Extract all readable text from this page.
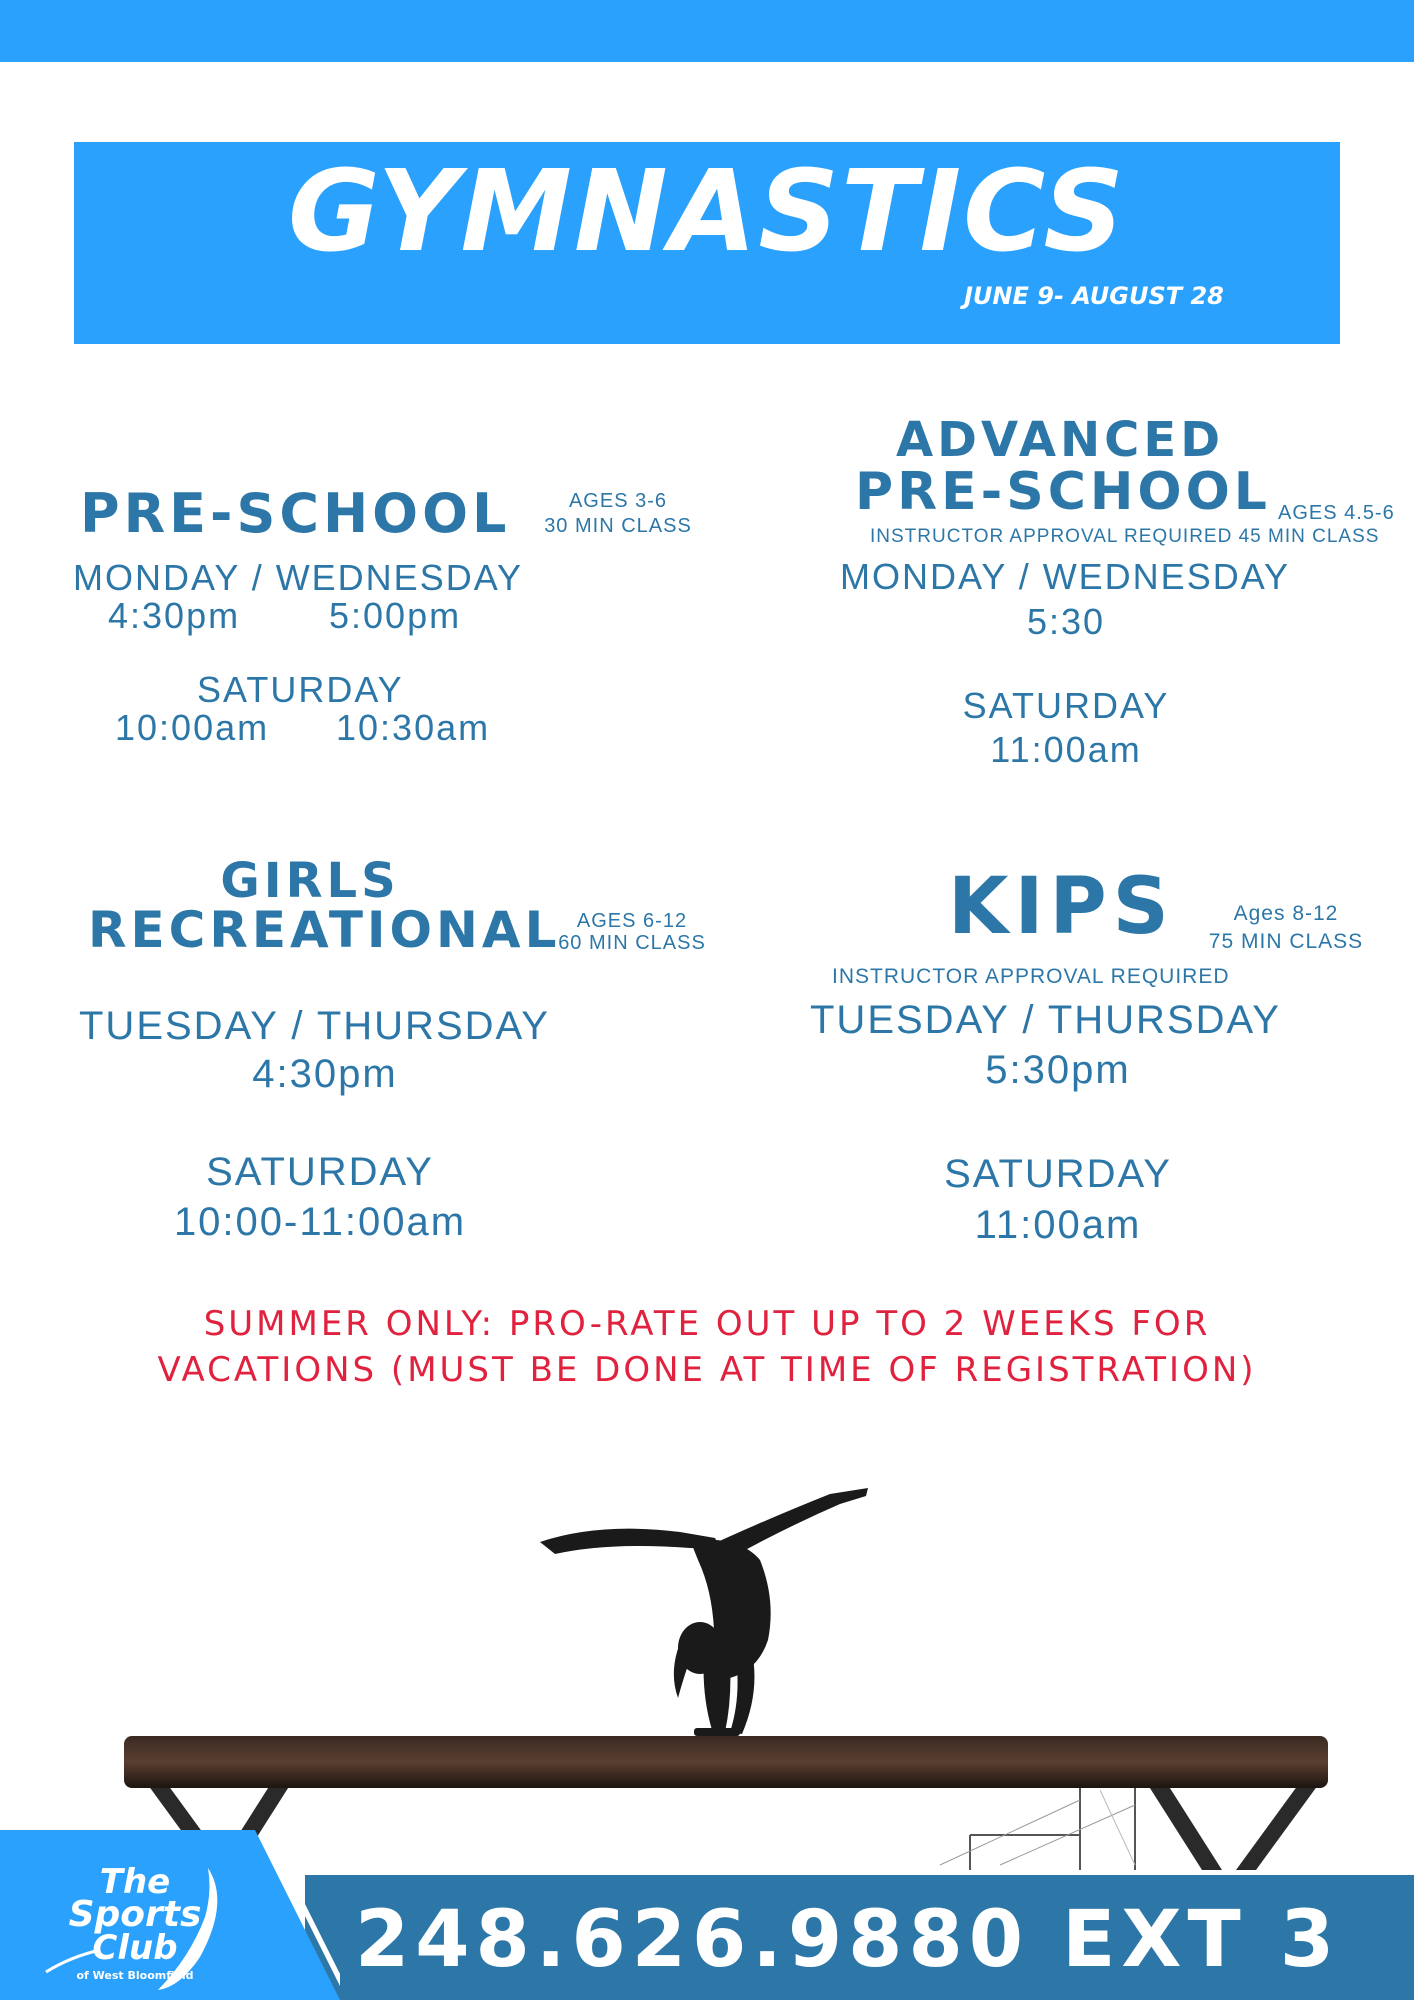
GYMNASTICS
JUNE 9- AUGUST 28
PRE-SCHOOL	AGES 3-6
30 MIN CLASS
MONDAY / WEDNESDAY
4:30pm 5:00pm
SATURDAY
10:00am 10:30am
ADVANCED
PRE-SCHOOL AGES 4.5-6
INSTRUCTOR APPROVAL REQUIRED 45 MIN CLASS
MONDAY / WEDNESDAY
5:30
SATURDAY
11:00am
GIRLS
RECREATIONAL AGES 6-12
60 MIN CLASS
TUESDAY / THURSDAY
4:30pm
SATURDAY
10:00-11:00am
KIPS	Ages 8-12
75 MIN CLASS
INSTRUCTOR APPROVAL REQUIRED
TUESDAY / THURSDAY
5:30pm
SATURDAY
11:00am
SUMMER ONLY: PRO-RATE OUT UP TO 2 WEEKS FOR
VACATIONS (MUST BE DONE AT TIME OF REGISTRATION)
248.626.9880 EXT 3
The
Sports
Club
of West Bloomfield
